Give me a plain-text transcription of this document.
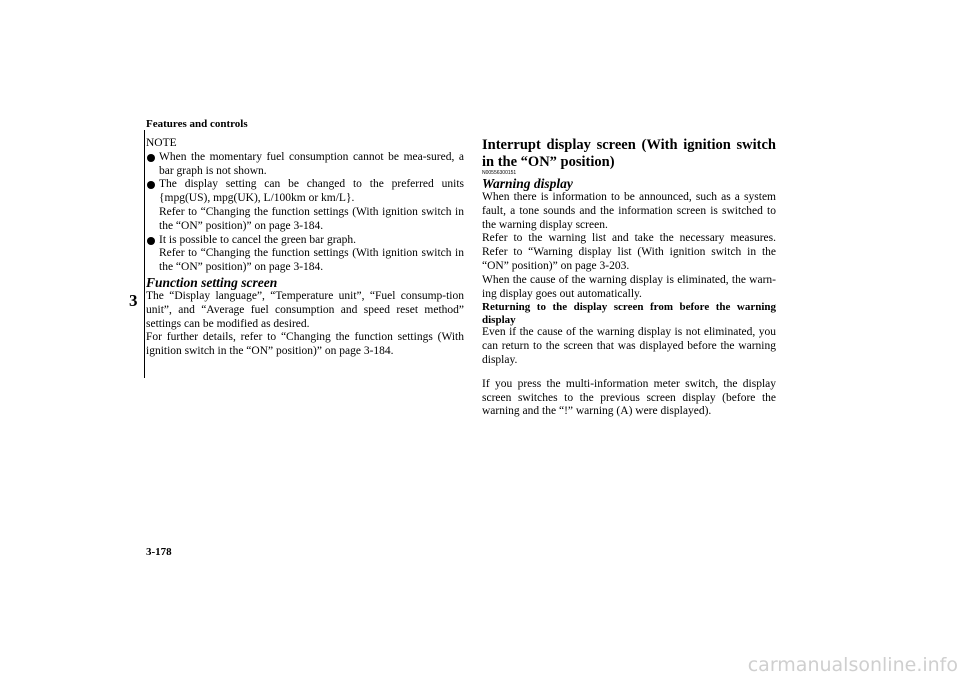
Features and controls
3

NOTE

When the momentary fuel consumption cannot be mea-sured, a bar graph is not shown.
The display setting can be changed to the preferred units {mpg(US), mpg(UK), L/100km or km/L}.
Refer to “Changing the function settings (With ignition switch in the “ON” position)” on page 3-184.
It is possible to cancel the green bar graph.
Refer to “Changing the function settings (With ignition switch in the “ON” position)” on page 3-184.

Function setting screen

The “Display language”, “Temperature unit”, “Fuel consump-tion unit”, and “Average fuel consumption and speed reset method” settings can be modified as desired.

For further details, refer to “Changing the function settings (With ignition switch in the “ON” position)” on page 3-184.

Interrupt display screen (With ignition switch in the “ON” position)

N00556300151

Warning display

When there is information to be announced, such as a system fault, a tone sounds and the information screen is switched to the warning display screen.

Refer to the warning list and take the necessary measures. Refer to “Warning display list (With ignition switch in the “ON” position)” on page 3-203.

When the cause of the warning display is eliminated, the warn-ing display goes out automatically.

Returning to the display screen from before the warning display

Even if the cause of the warning display is not eliminated, you can return to the screen that was displayed before the warning display.

If you press the multi-information meter switch, the display screen switches to the previous screen display (before the warning and the “!” warning (A) were displayed).

3-178
carmanualsonline.info
